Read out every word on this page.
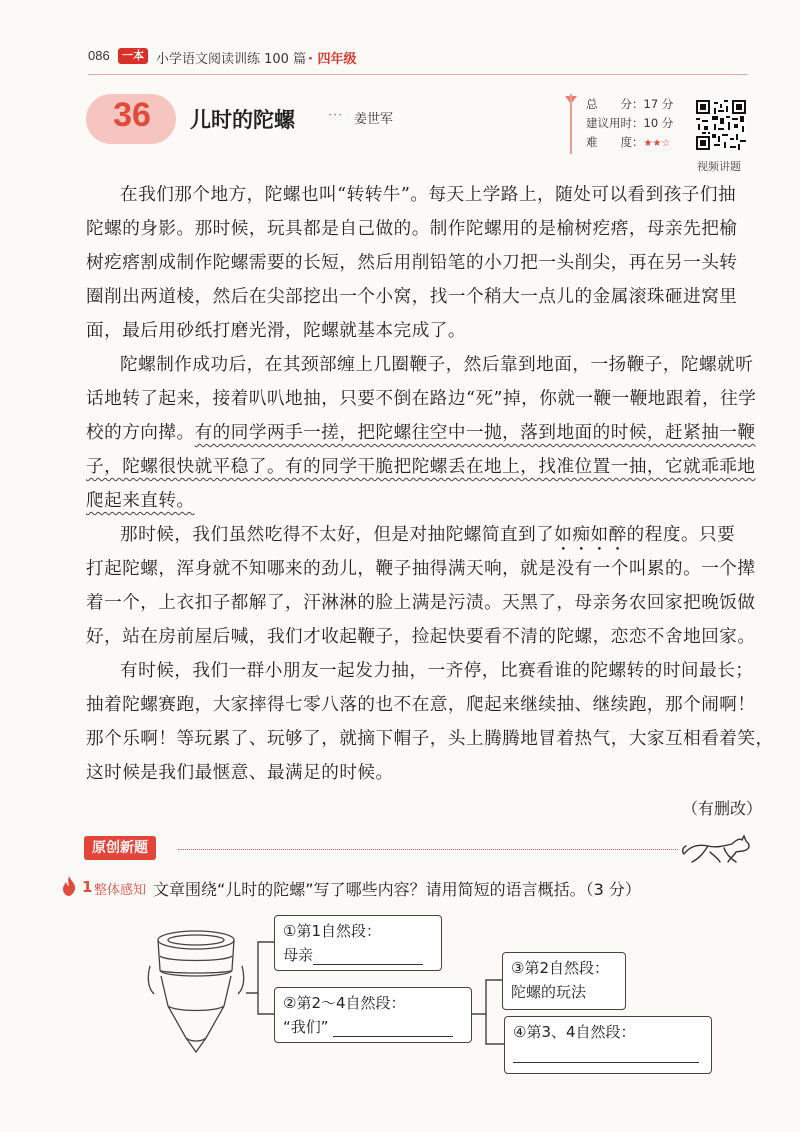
086	一本 小学语文阅读训练 100 篇 · 四年级
36	儿时的陀螺	··· 姜世军
总　　分：17 分
建议用时：10 分
难　　度：★★☆
视频讲题
在我们那个地方，陀螺也叫“转转牛”。每天上学路上，随处可以看到孩子们抽
陀螺的身影。那时候，玩具都是自己做的。制作陀螺用的是榆树疙瘩，母亲先把榆
树疙瘩割成制作陀螺需要的长短，然后用削铅笔的小刀把一头削尖，再在另一头转
圈削出两道棱，然后在尖部挖出一个小窝，找一个稍大一点儿的金属滚珠砸进窝里
面，最后用砂纸打磨光滑，陀螺就基本完成了。
陀螺制作成功后，在其颈部缠上几圈鞭子，然后靠到地面，一扬鞭子，陀螺就听
话地转了起来，接着叭叭地抽，只要不倒在路边“死”掉，你就一鞭一鞭地跟着，往学
校的方向撵。有的同学两手一搓，把陀螺往空中一抛，落到地面的时候，赶紧抽一鞭
子，陀螺很快就平稳了。有的同学干脆把陀螺丢在地上，找准位置一抽，它就乖乖地
爬起来直转。
那时候，我们虽然吃得不太好，但是对抽陀螺简直到了如痴如醉的程度。只要
打起陀螺，浑身就不知哪来的劲儿，鞭子抽得满天响，就是没有一个叫累的。一个撵
着一个，上衣扣子都解了，汗淋淋的脸上满是污渍。天黑了，母亲务农回家把晚饭做
好，站在房前屋后喊，我们才收起鞭子，捡起快要看不清的陀螺，恋恋不舍地回家。
有时候，我们一群小朋友一起发力抽，一齐停，比赛看谁的陀螺转的时间最长；
抽着陀螺赛跑，大家摔得七零八落的也不在意，爬起来继续抽、继续跑，那个闹啊！
那个乐啊！等玩累了、玩够了，就摘下帽子，头上腾腾地冒着热气，大家互相看着笑，
这时候是我们最惬意、最满足的时候。
（有删改）
原创新题
1 整体感知 文章围绕“儿时的陀螺”写了哪些内容？请用简短的语言概括。（3 分）
①第1自然段：
母亲
②第2～4自然段：
“我们”
③第2自然段：
陀螺的玩法
④第3、4自然段：
